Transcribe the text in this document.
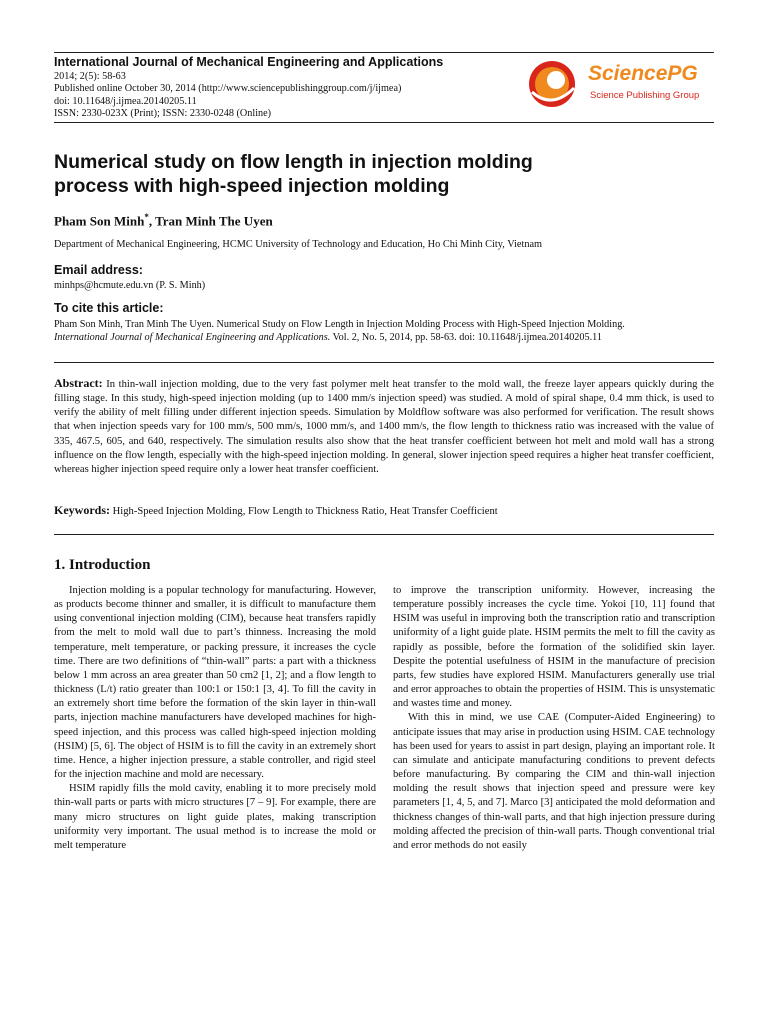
International Journal of Mechanical Engineering and Applications
2014; 2(5): 58-63
Published online October 30, 2014 (http://www.sciencepublishinggroup.com/j/ijmea)
doi: 10.11648/j.ijmea.20140205.11
ISSN: 2330-023X (Print); ISSN: 2330-0248 (Online)
SciencePG
Science Publishing Group
Numerical study on flow length in injection molding
process with high-speed injection molding
Pham Son Minh*, Tran Minh The Uyen
Department of Mechanical Engineering, HCMC University of Technology and Education, Ho Chi Minh City, Vietnam
Email address:
minhps@hcmute.edu.vn (P. S. Minh)
To cite this article:
Pham Son Minh, Tran Minh The Uyen. Numerical Study on Flow Length in Injection Molding Process with High-Speed Injection Molding.
International Journal of Mechanical Engineering and Applications. Vol. 2, No. 5, 2014, pp. 58-63. doi: 10.11648/j.ijmea.20140205.11
Abstract: In thin-wall injection molding, due to the very fast polymer melt heat transfer to the mold wall, the freeze layer appears quickly during the filling stage. In this study, high-speed injection molding (up to 1400 mm/s injection speed) was studied. A mold of spiral shape, 0.4 mm thick, is used to verify the ability of melt filling under different injection speeds. Simulation by Moldflow software was also performed for verification. The result shows that when injection speeds vary for 100 mm/s, 500 mm/s, 1000 mm/s, and 1400 mm/s, the flow length to thickness ratio was increased with the value of 335, 467.5, 605, and 640, respectively. The simulation results also show that the heat transfer coefficient between hot melt and mold wall has a strong influence on the flow length, especially with the high-speed injection molding. In general, slower injection speed requires a higher heat transfer coefficient, whereas higher injection speed require only a lower heat transfer coefficient.
Keywords: High-Speed Injection Molding, Flow Length to Thickness Ratio, Heat Transfer Coefficient
1. Introduction

Injection molding is a popular technology for manufacturing. However, as products become thinner and smaller, it is difficult to manufacture them using conventional injection molding (CIM), because heat transfers rapidly from the melt to mold wall due to part’s thinness. Increasing the mold temperature, melt temperature, or packing pressure, it increases the cycle time. There are two definitions of “thin-wall” parts: a part with a thickness below 1 mm across an area greater than 50 cm2 [1, 2]; and a flow length to thickness (L/t) ratio greater than 100:1 or 150:1 [3, 4]. To fill the cavity in an extremely short time before the formation of the skin layer in thin-wall parts, injection machine manufacturers have developed machines for high-speed injection, and this process was called high-speed injection molding (HSIM) [5, 6]. The object of HSIM is to fill the cavity in an extremely short time. Hence, a higher injection pressure, a stable controller, and rigid steel for the injection machine and mold are necessary.

HSIM rapidly fills the mold cavity, enabling it to more precisely mold thin-wall parts or parts with micro structures [7 – 9]. For example, there are many micro structures on light guide plates, making transcription uniformity very important. The usual method is to increase the mold or melt temperature

to improve the transcription uniformity. However, increasing the temperature possibly increases the cycle time. Yokoi [10, 11] found that HSIM was useful in improving both the transcription ratio and transcription uniformity of a light guide plate. HSIM permits the melt to fill the cavity as rapidly as possible, before the formation of the solidified skin layer. Despite the potential usefulness of HSIM in the manufacture of precision parts, few studies have explored HSIM. Manufacturers generally use trial and error approaches to obtain the properties of HSIM. This is unsystematic and wastes time and money.

With this in mind, we use CAE (Computer-Aided Engineering) to anticipate issues that may arise in production using HSIM. CAE technology has been used for years to assist in part design, playing an important role. It can simulate and anticipate manufacturing conditions to prevent defects before manufacturing. By comparing the CIM and thin-wall injection molding the result shows that injection speed and pressure were key parameters [1, 4, 5, and 7]. Marco [3] anticipated the mold deformation and thickness changes of thin-wall parts, and that high injection pressure during molding affected the precision of thin-wall parts. Though conventional trial and error methods do not easily
